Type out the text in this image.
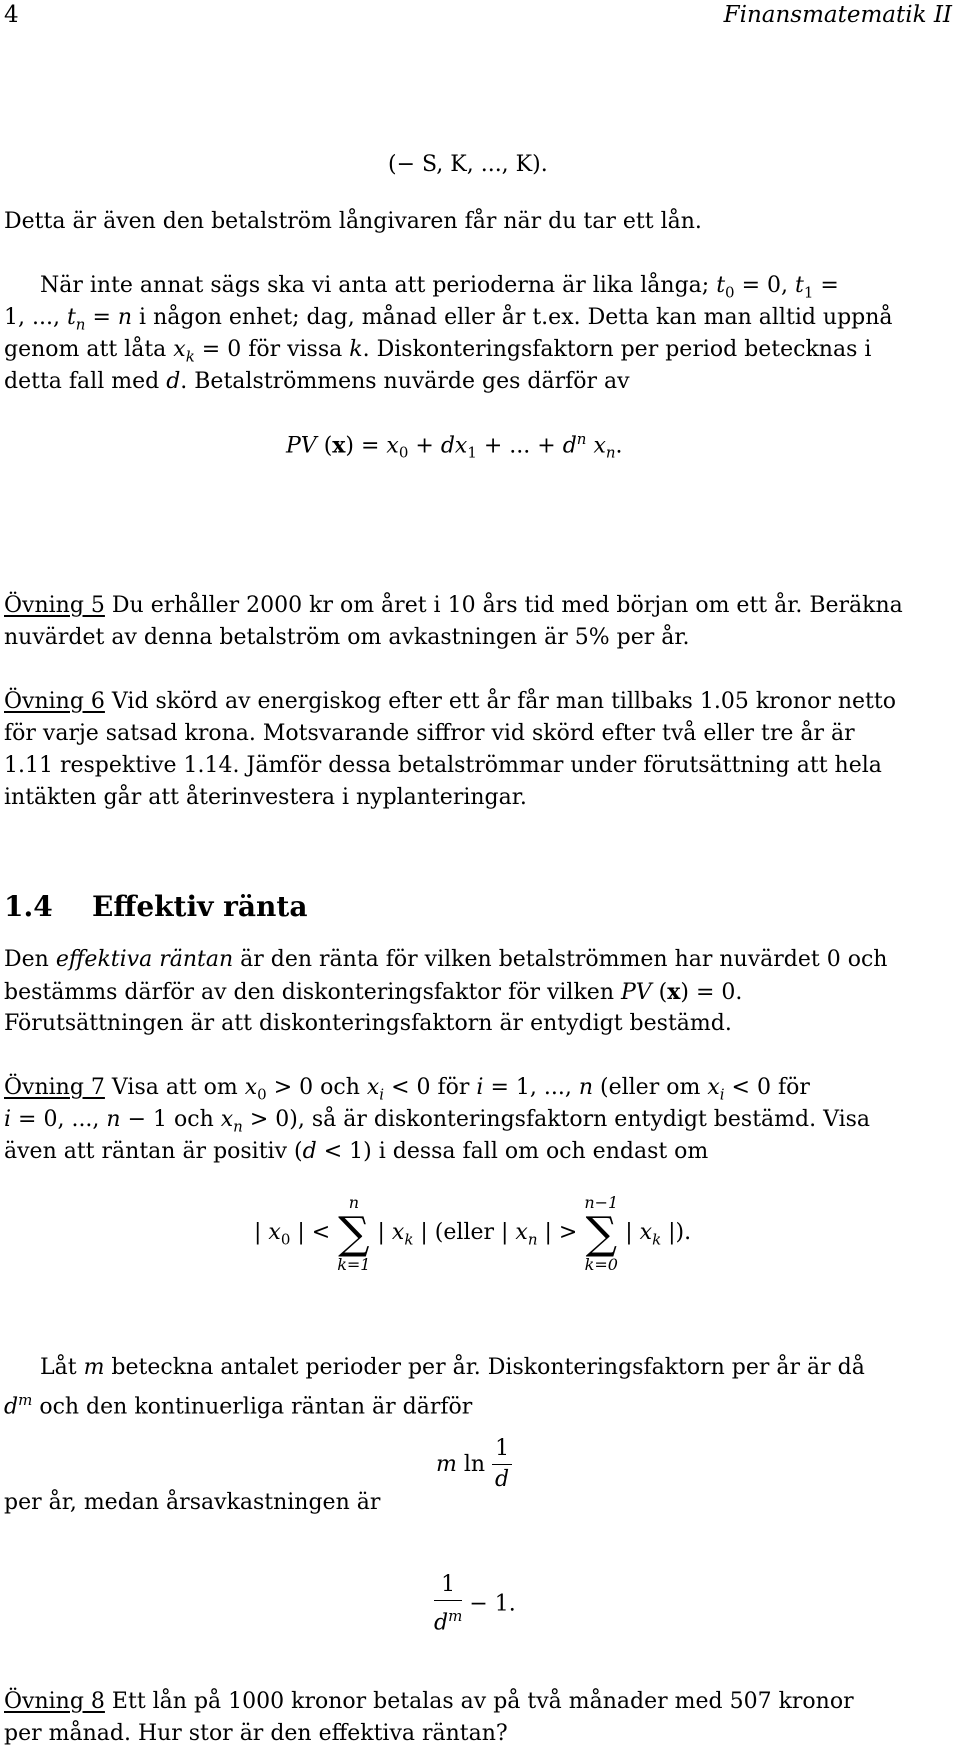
4	Finansmatematik II
(− S, K, ..., K).
Detta är även den betalström långivaren får när du tar ett lån.
När inte annat sägs ska vi anta att perioderna är lika långa; $t_0 = 0$, $t_1$ =
1, ..., $t_n = n$ i någon enhet; dag, månad eller år t.ex. Detta kan man alltid uppnå
genom att låta $x_k = 0$ för vissa k. Diskonteringsfaktorn per period betecknas i
detta fall med d. Betalströmmens nuvärde ges därför av
PV $(x) = x_0 + dx_1$ + ... + $d^n$ $x_n$.
Övning 5 Du erhåller 2000 kr om året i 10 års tid med början om ett år. Beräkna
nuvärdet av denna betalström om avkastningen är 5% per år.
Övning 6 Vid skörd av energiskog efter ett år får man tillbaks 1.05 kronor netto
för varje satsad krona. Motsvarande siffror vid skörd efter två eller tre år är
1.11 respektive 1.14. Jämför dessa betalströmmar under förutsättning att hela
intäkten går att återinvestera i nyplanteringar.
1.4 Effektiv ränta
Den effektiva räntan är den ränta för vilken betalströmmen har nuvärdet 0 och
bestämms därför av den diskonteringsfaktor för vilken PV (x) = 0.
Förutsättningen är att diskonteringsfaktorn är entydigt bestämd.
Övning 7 Visa att om $x_0 > 0$ och $x_i < 0$ för i = 1, ..., n (eller om $x_i < 0$ för
i = 0, ..., n − 1 och $x_n > 0$), så är diskonteringsfaktorn entydigt bestämd. Visa
även att räntan är positiv (d < 1) i dessa fall om och endast om
| $x_0$ | <
n
∑
k=1
| $x_k$ | (eller | $x_n$ | >
n−1
∑
k=0
| $x_k$ |).
Låt m beteckna antalet perioder per år. Diskonteringsfaktorn per år är då
$d^m$ och den kontinuerliga räntan är därför
m $\ln \frac{1}{d}$
per år, medan årsavkastningen är
$\frac{1}{d^m} - 1$.
Övning 8 Ett lån på 1000 kronor betalas av på två månader med 507 kronor
per månad. Hur stor är den effektiva räntan?
